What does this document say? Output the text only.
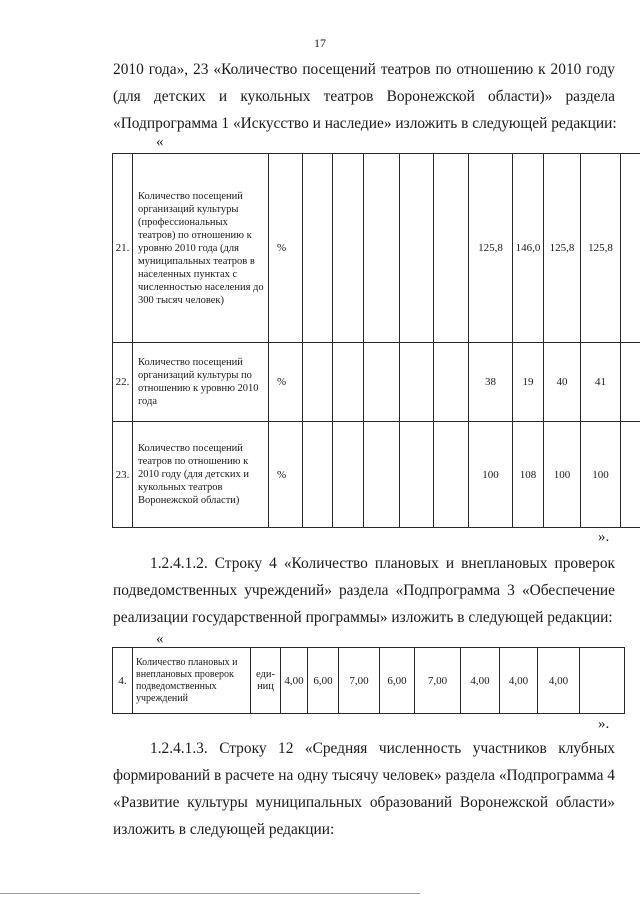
17

2010 года», 23 «Количество посещений театров по отношению к 2010 году
(для детских и кукольных театров Воронежской области)» раздела
«Подпрограмма 1 «Искусство и наследие» изложить в следующей редакции:

«
21.	Количество посещений организаций культуры (профессиональных театров) по отношению к уровню 2010 года (для муниципальных театров в населенных пунктах с численностью населения до 300 тысяч человек)	%						125,8	146,0	125,8	125,8	
22.	Количество посещений организаций культуры по отношению к уровню 2010 года	%						38	19	40	41	
23.	Количество посещений театров по отношению к 2010 году (для детских и кукольных театров Воронежской области)	%						100	108	100	100	
».

1.2.4.1.2. Строку 4 «Количество плановых и внеплановых проверок
подведомственных учреждений» раздела «Подпрограмма 3 «Обеспечение
реализации государственной программы» изложить в следующей редакции:

«
4.	Количество плановых и внеплановых проверок подведомственных учреждений	еди-ниц	4,00	6,00	7,00	6,00	7,00	4,00	4,00	4,00	
».

1.2.4.1.3. Строку 12 «Средняя численность участников клубных
формирований в расчете на одну тысячу человек» раздела «Подпрограмма 4
«Развитие культуры муниципальных образований Воронежской области»
изложить в следующей редакции:
